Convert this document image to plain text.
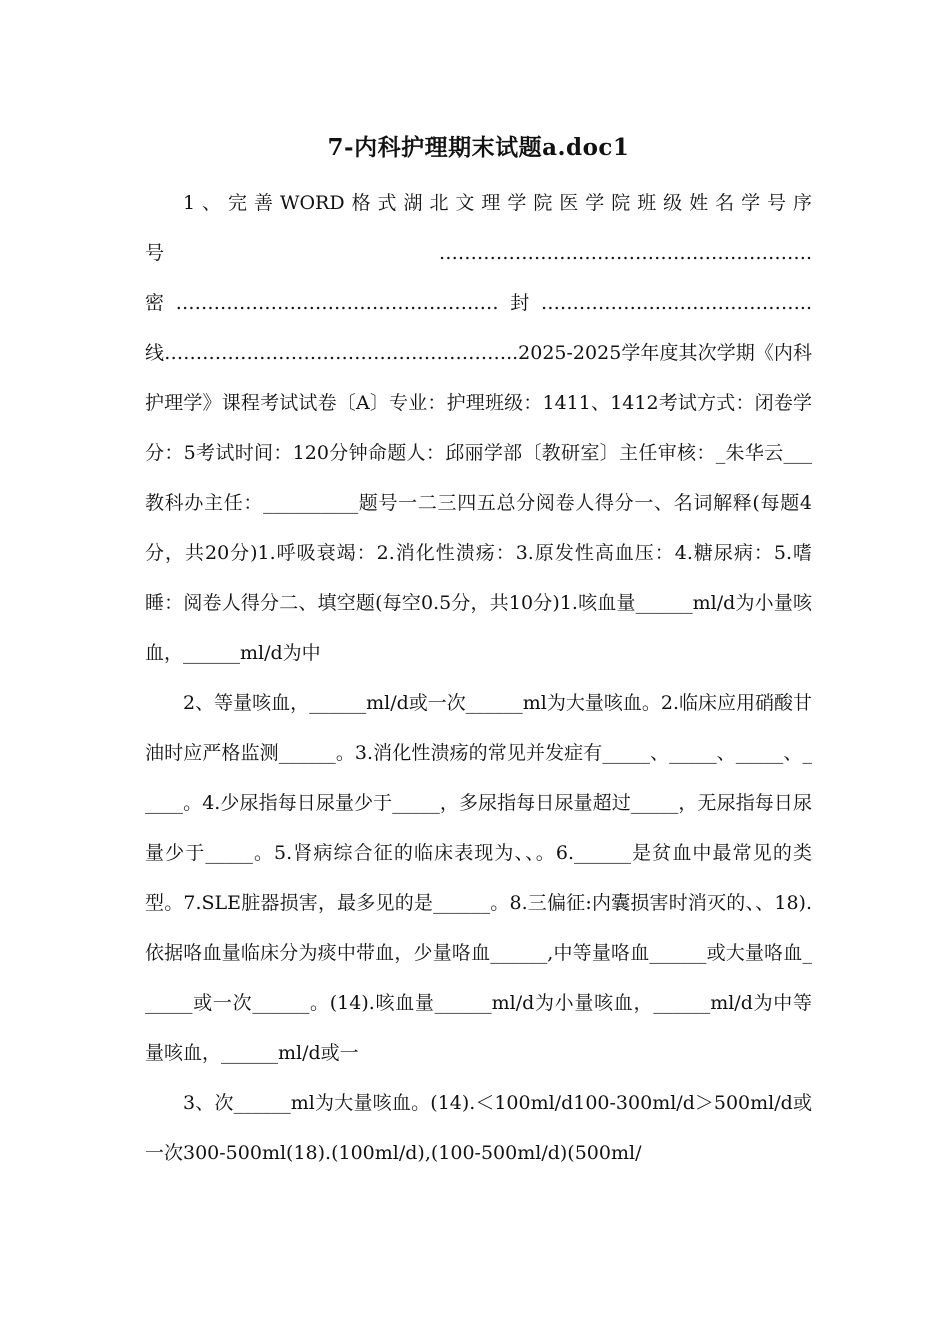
7-内科护理期末试题a.doc1

1、完善WORD格式湖北文理学院医学院班级姓名学号序号………………….……………………………….密……………………………………………封………………..…………………..线………………………………………………..2025-2025学年度其次学期《内科护理学》课程考试试卷〔A〕专业：护理班级：1411、1412考试方式：闭卷学分：5考试时间：120分钟命题人：邱丽学部〔教研室〕主任审核：_朱华云___教科办主任：__________题号一二三四五总分阅卷人得分一、名词解释(每题4分，共20分)1.呼吸衰竭：2.消化性溃疡：3.原发性高血压：4.糖尿病：5.嗜睡：阅卷人得分二、填空题(每空0.5分，共10分)1.咳血量______ml/d为小量咳血，______ml/d为中

2、等量咳血，______ml/d或一次______ml为大量咳血。2.临床应用硝酸甘油时应严格监测______。3.消化性溃疡的常见并发症有_____、_____、_____、_____。4.少尿指每日尿量少于_____，多尿指每日尿量超过_____，无尿指每日尿量少于_____。5.肾病综合征的临床表现为、、。6.______是贫血中最常见的类型。7.SLE脏器损害，最多见的是______。8.三偏征:内囊损害时消灭的、、18).依据咯血量临床分为痰中带血，少量咯血______,中等量咯血______或大量咯血______或一次______。(14).咳血量______ml/d为小量咳血，______ml/d为中等量咳血，______ml/d或一

3、次______ml为大量咳血。(14).＜100ml/d100-300ml/d＞500ml/d或一次300-500ml(18).(100ml/d),(100-500ml/d)(500ml/
